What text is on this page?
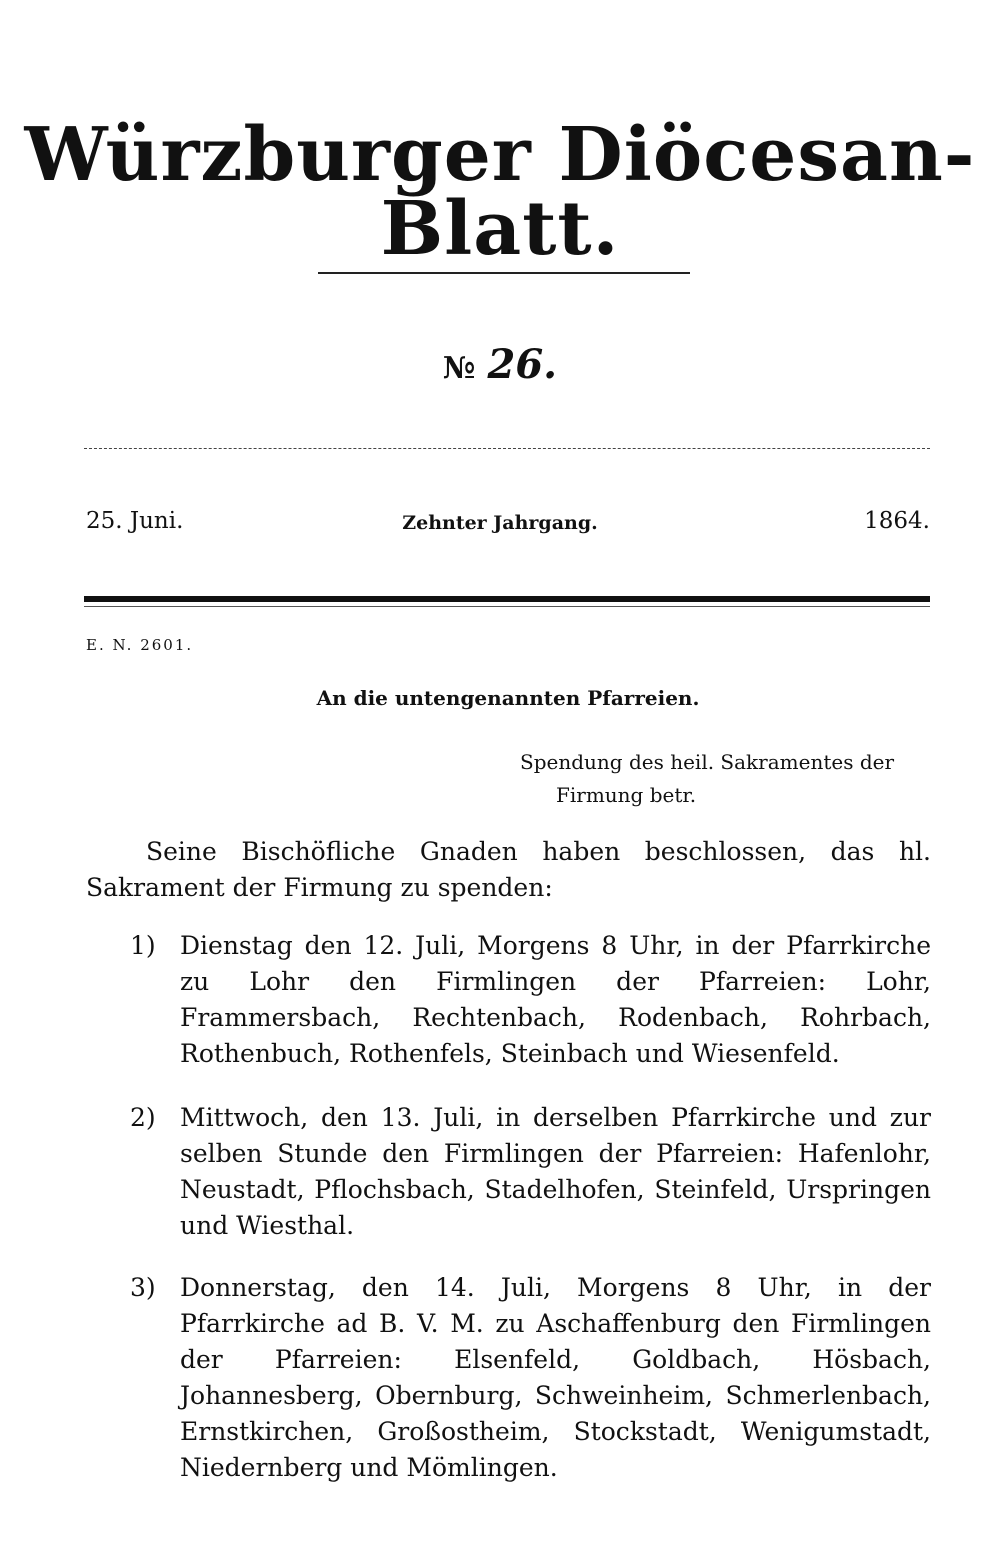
Würzburger Diöcesan-Blatt.
№ 26.
25. Juni.	Zehnter Jahrgang.	1864.
E. N. 2601.
An die untengenannten Pfarreien.
Spendung des heil. Sakramentes der
Firmung betr.

Seine Bischöfliche Gnaden haben beschlossen, das hl. Sakrament der Firmung zu spenden:

1) Dienstag den 12. Juli, Morgens 8 Uhr, in der Pfarrkirche zu Lohr den Firmlingen der Pfarreien: Lohr, Frammersbach, Rechtenbach, Rodenbach, Rohrbach, Rothenbuch, Rothenfels, Steinbach und Wiesenfeld.

2) Mittwoch, den 13. Juli, in derselben Pfarrkirche und zur selben Stunde den Firmlingen der Pfarreien: Hafenlohr, Neustadt, Pflochsbach, Stadelhofen, Steinfeld, Urspringen und Wiesthal.

3) Donnerstag, den 14. Juli, Morgens 8 Uhr, in der Pfarrkirche ad B. V. M. zu Aschaffenburg den Firmlingen der Pfarreien: Elsenfeld, Goldbach, Hösbach, Johannesberg, Obernburg, Schweinheim, Schmerlenbach, Ernstkirchen, Großostheim, Stockstadt, Wenigumstadt, Niedernberg und Mömlingen.
